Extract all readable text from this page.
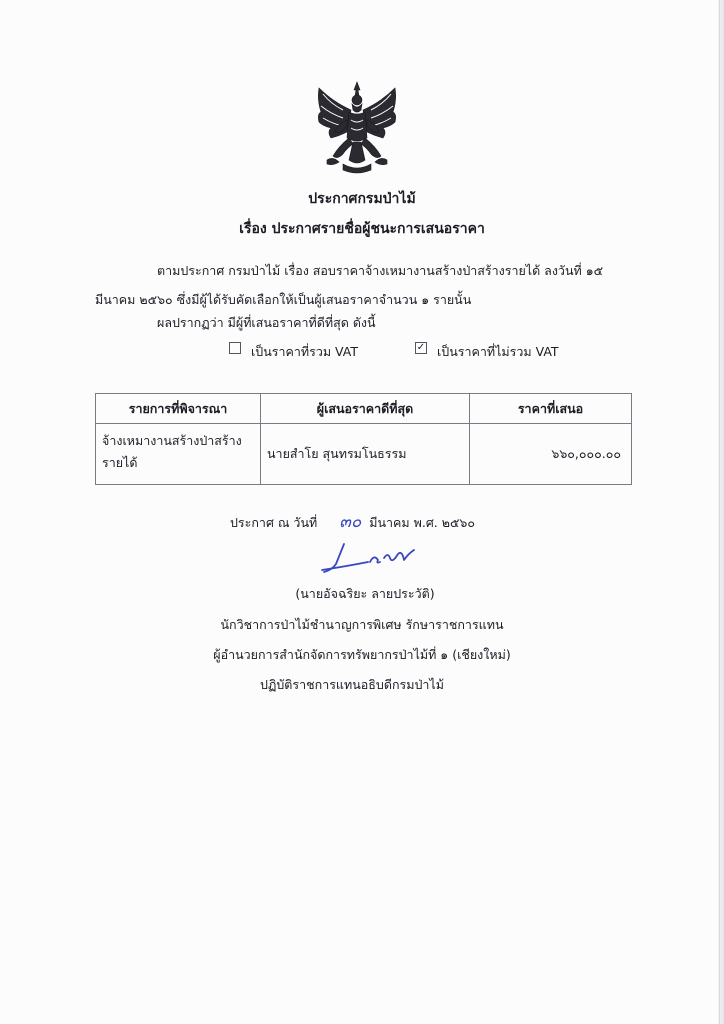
ประกาศกรมป่าไม้
เรื่อง ประกาศรายชื่อผู้ชนะการเสนอราคา
ตามประกาศ กรมป่าไม้ เรื่อง สอบราคาจ้างเหมางานสร้างป่าสร้างรายได้ ลงวันที่ ๑๕
มีนาคม ๒๕๖๐ ซึ่งมีผู้ได้รับคัดเลือกให้เป็นผู้เสนอราคาจำนวน ๑ รายนั้น
ผลปรากฏว่า มีผู้ที่เสนอราคาที่ดีที่สุด ดังนี้
เป็นราคาที่รวม VAT	✓ เป็นราคาที่ไม่รวม VAT
รายการที่พิจารณา	ผู้เสนอราคาดีที่สุด	ราคาที่เสนอ

จ้างเหมางานสร้างป่าสร้าง
รายได้	นายสำโย สุนทรมโนธรรม	๖๖๐,๐๐๐.๐๐
ประกาศ ณ วันที่ ๓๐ มีนาคม พ.ศ. ๒๕๖๐
(นายอัจฉริยะ ลายประวัติ)
นักวิชาการป่าไม้ชำนาญการพิเศษ รักษาราชการแทน
ผู้อำนวยการสำนักจัดการทรัพยากรป่าไม้ที่ ๑ (เชียงใหม่)
ปฏิบัติราชการแทนอธิบดีกรมป่าไม้
